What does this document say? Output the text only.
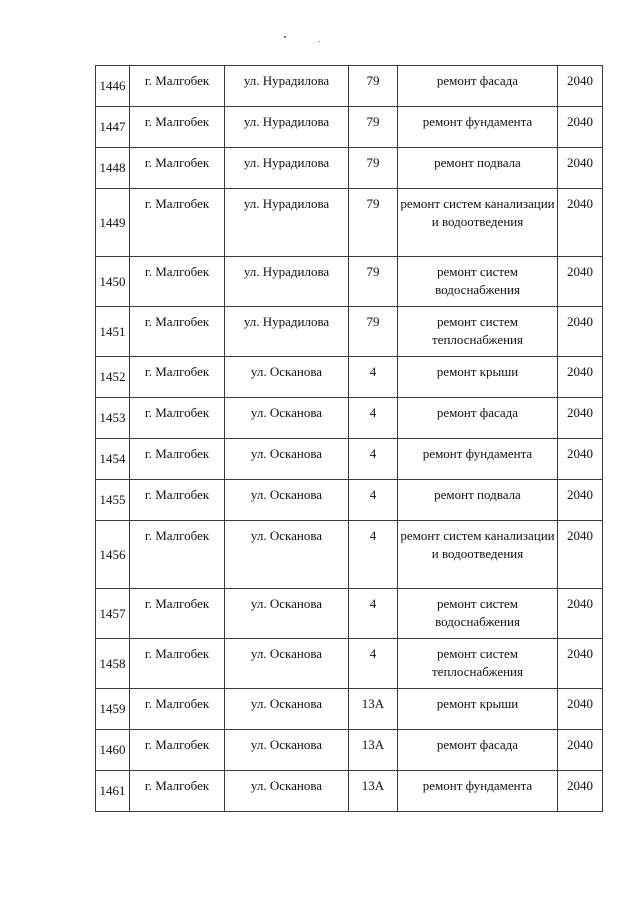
1446	г. Малгобек	ул. Нурадилова	79	ремонт фасада	2040
1447	г. Малгобек	ул. Нурадилова	79	ремонт фундамента	2040
1448	г. Малгобек	ул. Нурадилова	79	ремонт подвала	2040
1449	г. Малгобек	ул. Нурадилова	79	ремонт систем канализации и водоотведения	2040
1450	г. Малгобек	ул. Нурадилова	79	ремонт систем водоснабжения	2040
1451	г. Малгобек	ул. Нурадилова	79	ремонт систем теплоснабжения	2040
1452	г. Малгобек	ул. Осканова	4	ремонт крыши	2040
1453	г. Малгобек	ул. Осканова	4	ремонт фасада	2040
1454	г. Малгобек	ул. Осканова	4	ремонт фундамента	2040
1455	г. Малгобек	ул. Осканова	4	ремонт подвала	2040
1456	г. Малгобек	ул. Осканова	4	ремонт систем канализации и водоотведения	2040
1457	г. Малгобек	ул. Осканова	4	ремонт систем водоснабжения	2040
1458	г. Малгобек	ул. Осканова	4	ремонт систем теплоснабжения	2040
1459	г. Малгобек	ул. Осканова	13А	ремонт крыши	2040
1460	г. Малгобек	ул. Осканова	13А	ремонт фасада	2040
1461	г. Малгобек	ул. Осканова	13А	ремонт фундамента	2040
